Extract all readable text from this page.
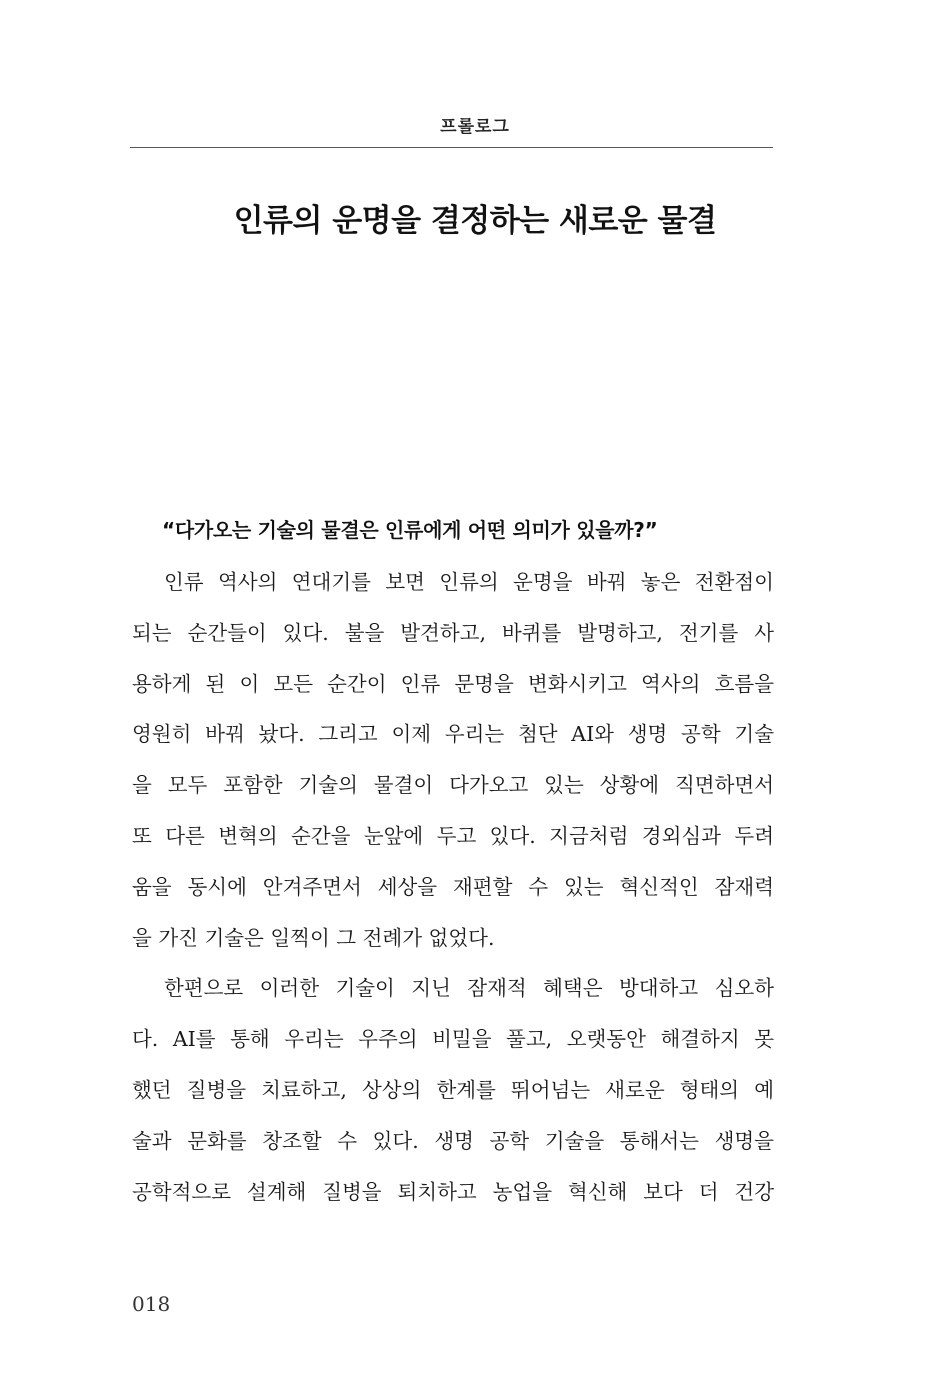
프롤로그
인류의 운명을 결정하는 새로운 물결
“다가오는 기술의 물결은 인류에게 어떤 의미가 있을까?”
인류 역사의 연대기를 보면 인류의 운명을 바꿔 놓은 전환점이
되는 순간들이 있다. 불을 발견하고, 바퀴를 발명하고, 전기를 사
용하게 된 이 모든 순간이 인류 문명을 변화시키고 역사의 흐름을
영원히 바꿔 놨다. 그리고 이제 우리는 첨단 AI와 생명 공학 기술
을 모두 포함한 기술의 물결이 다가오고 있는 상황에 직면하면서
또 다른 변혁의 순간을 눈앞에 두고 있다. 지금처럼 경외심과 두려
움을 동시에 안겨주면서 세상을 재편할 수 있는 혁신적인 잠재력
을 가진 기술은 일찍이 그 전례가 없었다.
한편으로 이러한 기술이 지닌 잠재적 혜택은 방대하고 심오하
다. AI를 통해 우리는 우주의 비밀을 풀고, 오랫동안 해결하지 못
했던 질병을 치료하고, 상상의 한계를 뛰어넘는 새로운 형태의 예
술과 문화를 창조할 수 있다. 생명 공학 기술을 통해서는 생명을
공학적으로 설계해 질병을 퇴치하고 농업을 혁신해 보다 더 건강
018
